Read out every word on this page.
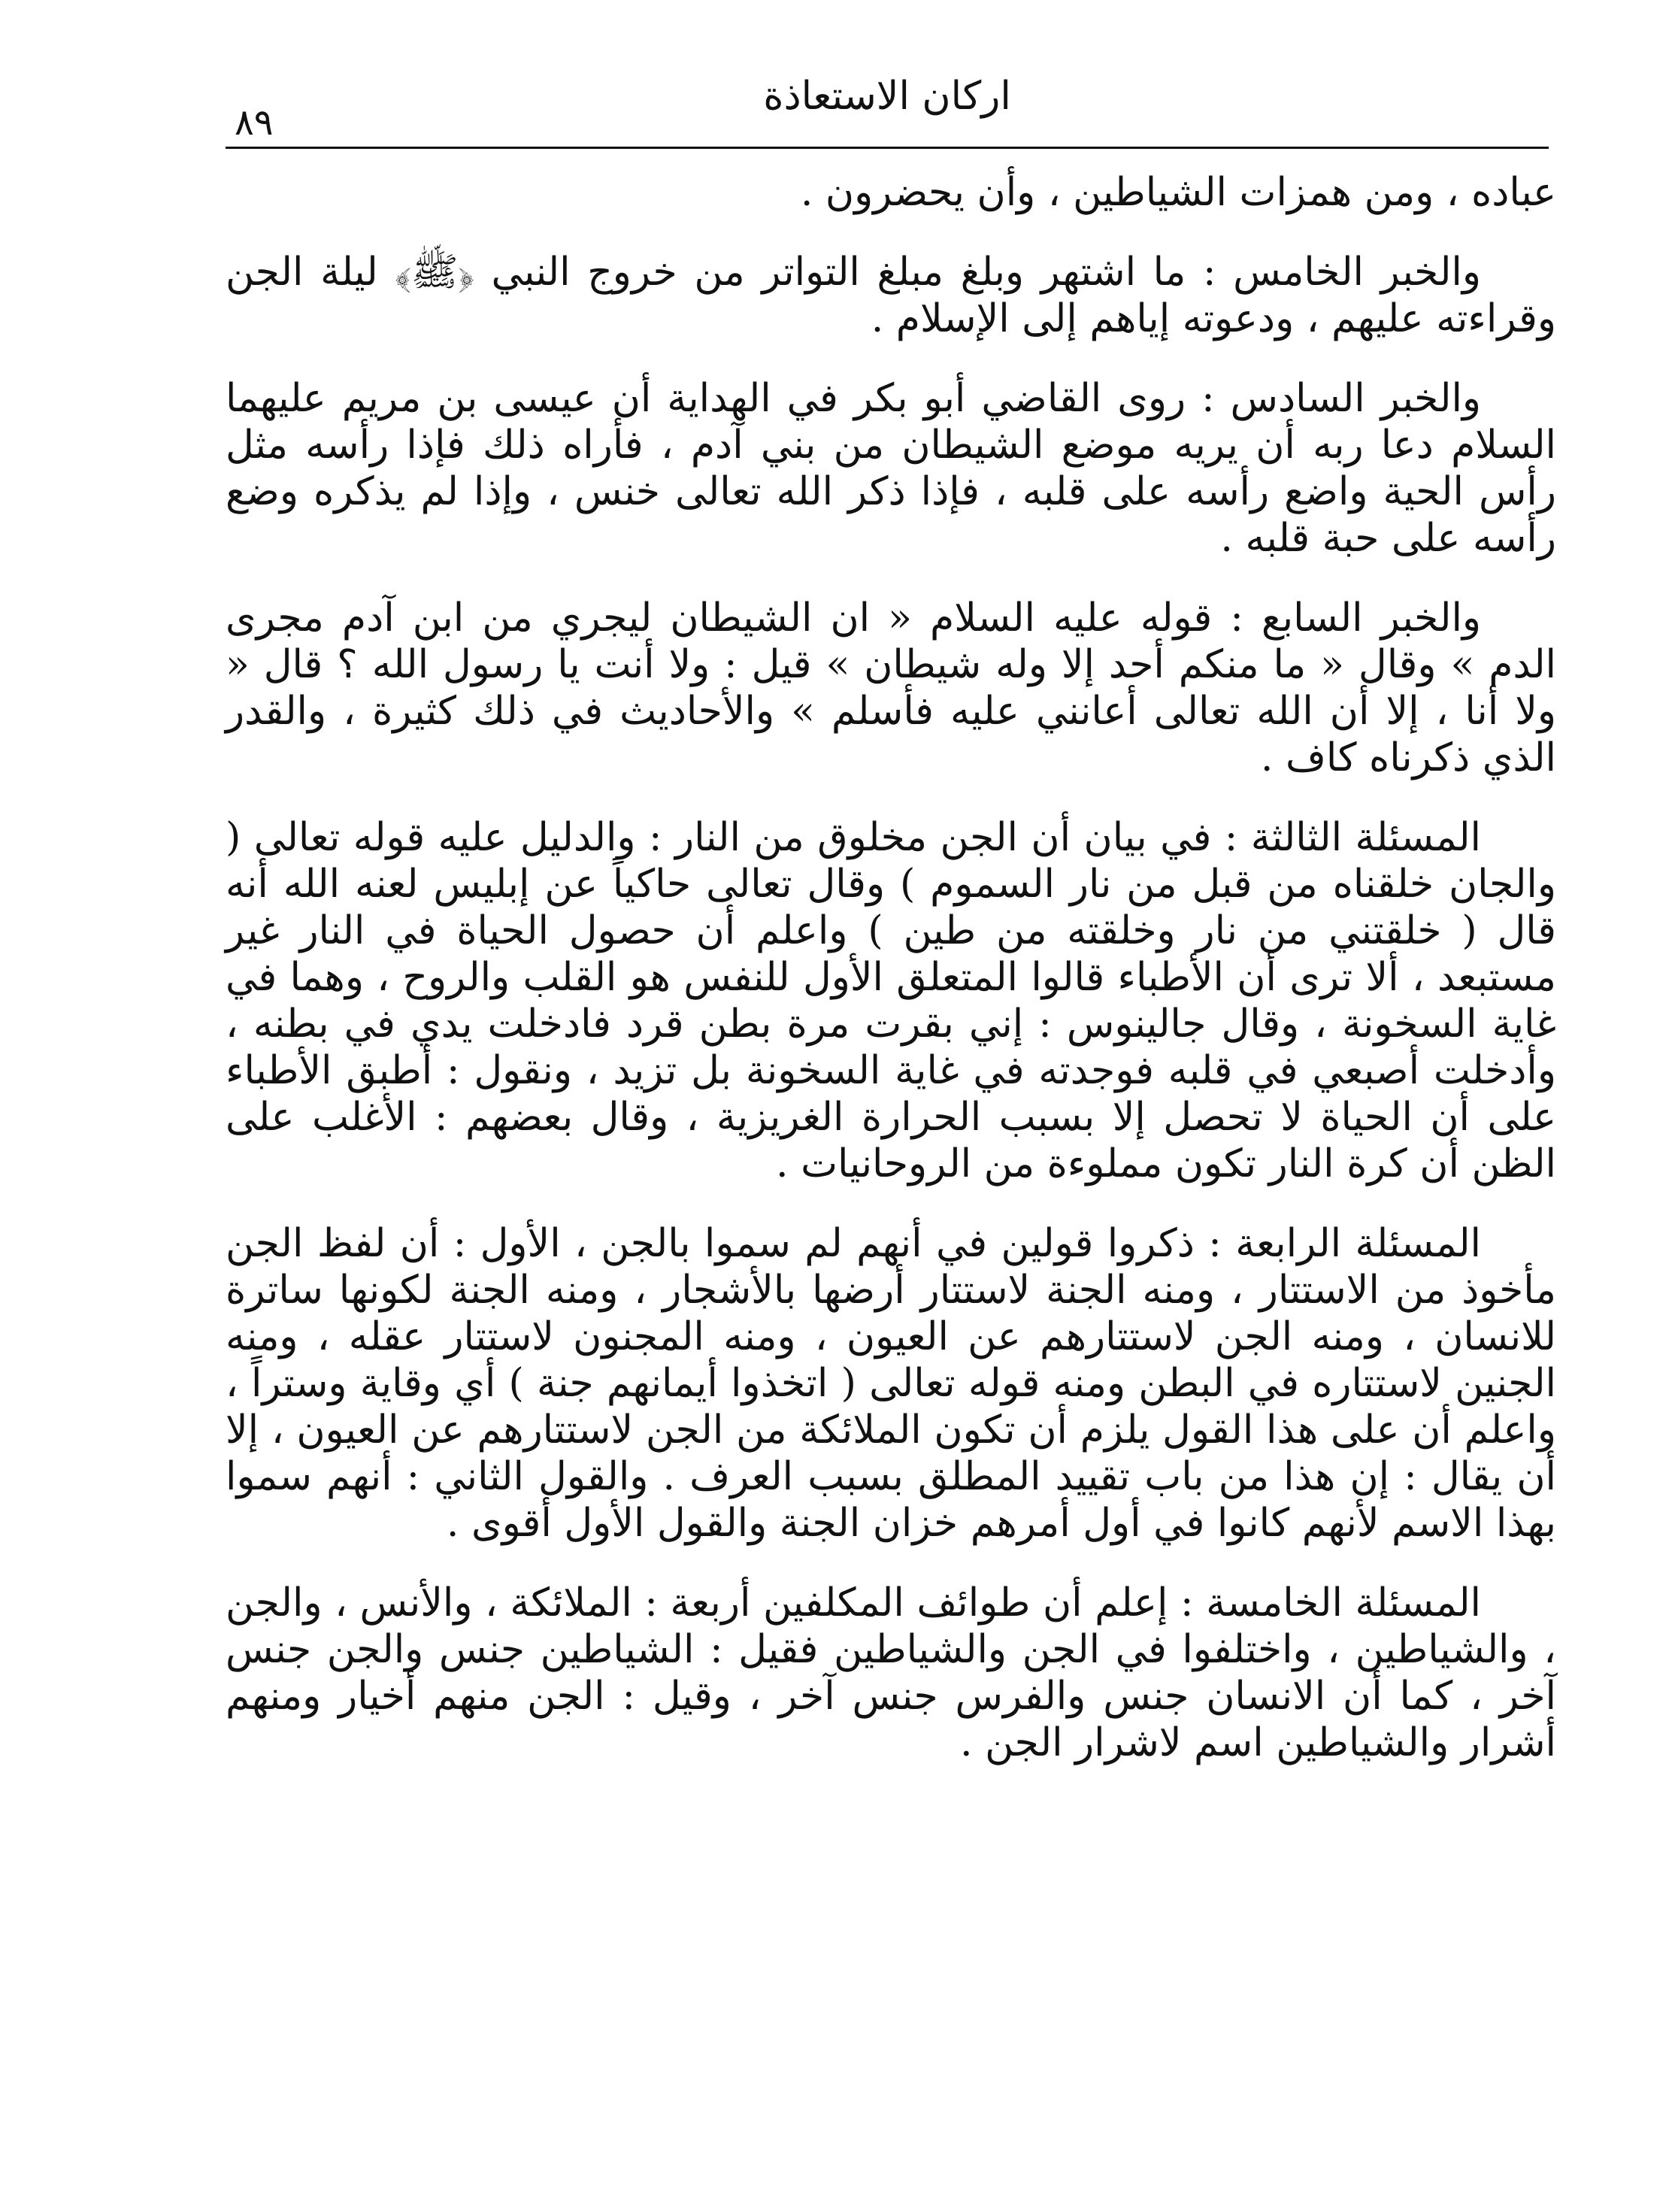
اركان الاستعاذة
٨٩

عباده ، ومن همزات الشياطين ، وأن يحضرون .

والخبر الخامس : ما اشتهر وبلغ مبلغ التواتر من خروج النبي ﴿ﷺ﴾ ليلة الجن وقراءته عليهم ، ودعوته إياهم إلى الإسلام .

والخبر السادس : روى القاضي أبو بكر في الهداية أن عيسى بن مريم عليهما السلام دعا ربه أن يريه موضع الشيطان من بني آدم ، فأراه ذلك فإذا رأسه مثل رأس الحية واضع رأسه على قلبه ، فإذا ذكر الله تعالى خنس ، وإذا لم يذكره وضع رأسه على حبة قلبه .

والخبر السابع : قوله عليه السلام « ان الشيطان ليجري من ابن آدم مجرى الدم » وقال « ما منكم أحد إلا وله شيطان » قيل : ولا أنت يا رسول الله ؟ قال « ولا أنا ، إلا أن الله تعالى أعانني عليه فأسلم » والأحاديث في ذلك كثيرة ، والقدر الذي ذكرناه كاف .

المسئلة الثالثة : في بيان أن الجن مخلوق من النار : والدليل عليه قوله تعالى ( والجان خلقناه من قبل من نار السموم ) وقال تعالى حاكياً عن إبليس لعنه الله أنه قال ( خلقتني من نار وخلقته من طين ) واعلم أن حصول الحياة في النار غير مستبعد ، ألا ترى أن الأطباء قالوا المتعلق الأول للنفس هو القلب والروح ، وهما في غاية السخونة ، وقال جالينوس : إني بقرت مرة بطن قرد فادخلت يدي في بطنه ، وأدخلت أصبعي في قلبه فوجدته في غاية السخونة بل تزيد ، ونقول : أطبق الأطباء على أن الحياة لا تحصل إلا بسبب الحرارة الغريزية ، وقال بعضهم : الأغلب على الظن أن كرة النار تكون مملوءة من الروحانيات .

المسئلة الرابعة : ذكروا قولين في أنهم لم سموا بالجن ، الأول : أن لفظ الجن مأخوذ من الاستتار ، ومنه الجنة لاستتار أرضها بالأشجار ، ومنه الجنة لكونها ساترة للانسان ، ومنه الجن لاستتارهم عن العيون ، ومنه المجنون لاستتار عقله ، ومنه الجنين لاستتاره في البطن ومنه قوله تعالى ( اتخذوا أيمانهم جنة ) أي وقاية وستراً ، واعلم أن على هذا القول يلزم أن تكون الملائكة من الجن لاستتارهم عن العيون ، إلا أن يقال : إن هذا من باب تقييد المطلق بسبب العرف . والقول الثاني : أنهم سموا بهذا الاسم لأنهم كانوا في أول أمرهم خزان الجنة والقول الأول أقوى .

المسئلة الخامسة : إعلم أن طوائف المكلفين أربعة : الملائكة ، والأنس ، والجن ، والشياطين ، واختلفوا في الجن والشياطين فقيل : الشياطين جنس والجن جنس آخر ، كما أن الانسان جنس والفرس جنس آخر ، وقيل : الجن منهم أخيار ومنهم أشرار والشياطين اسم لاشرار الجن .
